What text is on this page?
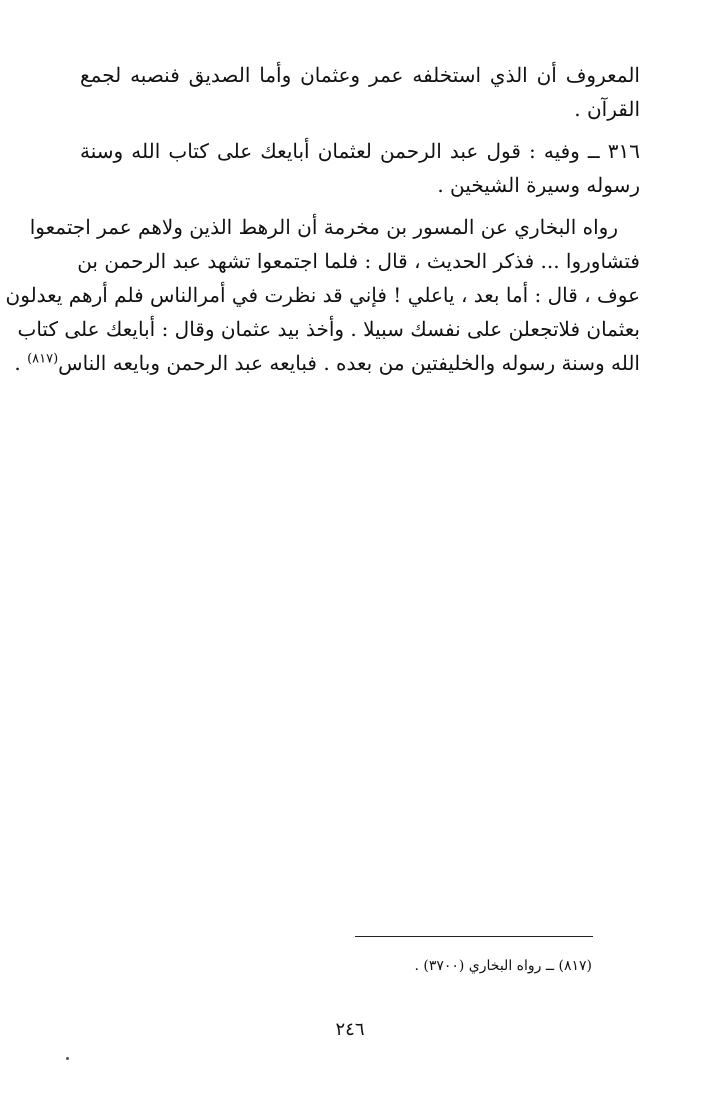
المعروف أن الذي استخلفه عمر وعثمان وأما الصديق فنصبه لجمع
القرآن .
٣١٦ ــ وفيه : قول عبد الرحمن لعثمان أبايعك على كتاب الله وسنة
رسوله وسيرة الشيخين .
رواه البخاري عن المسور بن مخرمة أن الرهط الذين ولاهم عمر اجتمعوا
فتشاوروا ... فذكر الحديث ، قال : فلما اجتمعوا تشهد عبد الرحمن بن
عوف ، قال : أما بعد ، ياعلي ! فإني قد نظرت في أمرالناس فلم أرهم يعدلون
بعثمان فلاتجعلن على نفسك سبيلا . وأخذ بيد عثمان وقال : أبايعك على كتاب
الله وسنة رسوله والخليفتين من بعده . فبايعه عبد الرحمن وبايعه الناس$^{(٨١٧)}$ .
(٨١٧) ــ رواه البخاري (٣٧٠٠) .
٢٤٦
